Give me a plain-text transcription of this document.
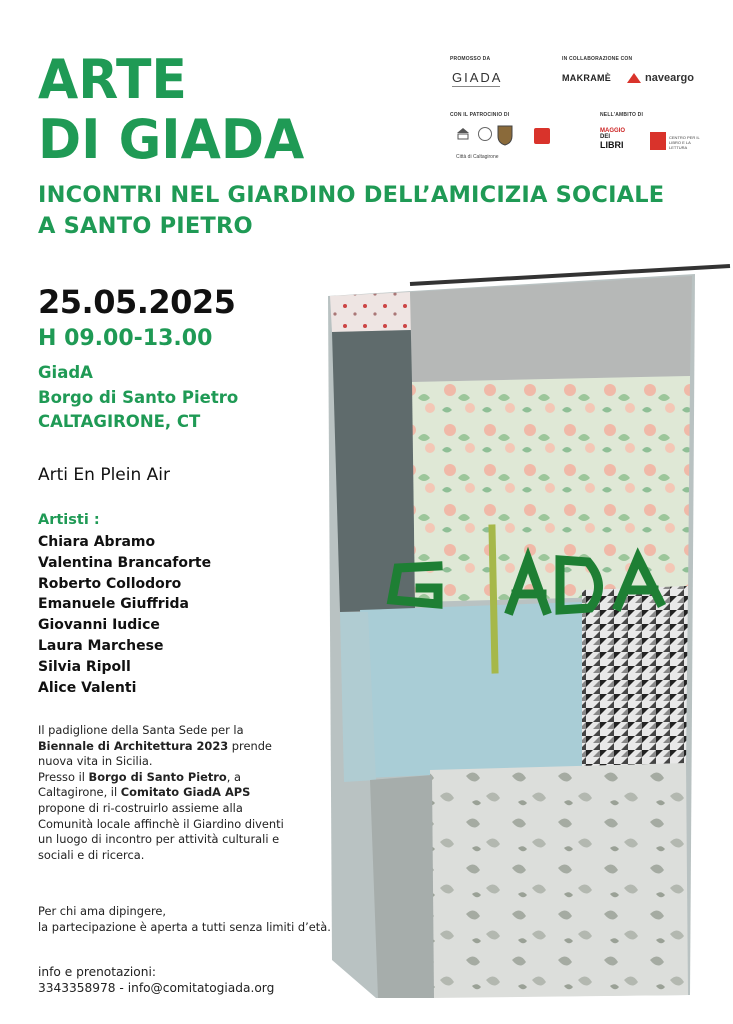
ARTE
DI GIADA
INCONTRI NEL GIARDINO DELL’AMICIZIA SOCIALE
A SANTO PIETRO
PROMOSSO DA
GIADA
IN COLLABORAZIONE CON
MAKRAMÈ	naveargo
CON IL PATROCINIO DI
Città di Caltagirone
NELL'AMBITO DI
MAGGIO
DEI
LIBRI
CENTRO PER IL LIBRO E LA LETTURA
25.05.2025
H 09.00-13.00
GiadA
Borgo di Santo Pietro
CALTAGIRONE, CT
Arti En Plein Air
Artisti :
Chiara Abramo
Valentina Brancaforte
Roberto Collodoro
Emanuele Giuffrida
Giovanni Iudice
Laura Marchese
Silvia Ripoll
Alice Valenti
Il padiglione della Santa Sede per la
Biennale di Architettura 2023 prende
nuova vita in Sicilia.
Presso il Borgo di Santo Pietro, a
Caltagirone, il Comitato GiadA APS
propone di ri-costruirlo assieme alla
Comunità locale affinchè il Giardino diventi
un luogo di incontro per attività culturali e
sociali e di ricerca.
Per chi ama dipingere,
la partecipazione è aperta a tutti senza limiti d’età.
info e prenotazioni:
3343358978 - info@comitatogiada.org
